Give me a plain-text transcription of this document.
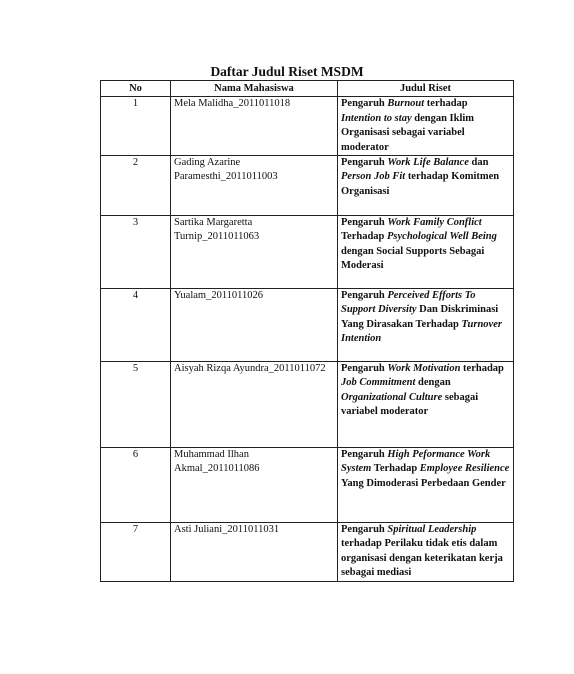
Daftar Judul Riset MSDM
No	Nama Mahasiswa	Judul Riset
1	Mela Malidha_2011011018	Pengaruh Burnout terhadap Intention to stay dengan Iklim Organisasi sebagai variabel moderator
2	Gading Azarine Paramesthi_2011011003	Pengaruh Work Life Balance dan Person Job Fit terhadap Komitmen Organisasi
3	Sartika Margaretta Turnip_2011011063	Pengaruh Work Family Conflict Terhadap Psychological Well Being dengan Social Supports Sebagai Moderasi
4	Yualam_2011011026	Pengaruh Perceived Efforts To Support Diversity Dan Diskriminasi Yang Dirasakan Terhadap Turnover Intention
5	Aisyah Rizqa Ayundra_2011011072	Pengaruh Work Motivation terhadap Job Commitment dengan Organizational Culture sebagai variabel moderator
6	Muhammad Ilhan Akmal_2011011086	Pengaruh High Peformance Work System Terhadap Employee Resilience Yang Dimoderasi Perbedaan Gender
7	Asti Juliani_2011011031	Pengaruh Spiritual Leadership terhadap Perilaku tidak etis dalam organisasi dengan keterikatan kerja sebagai mediasi
